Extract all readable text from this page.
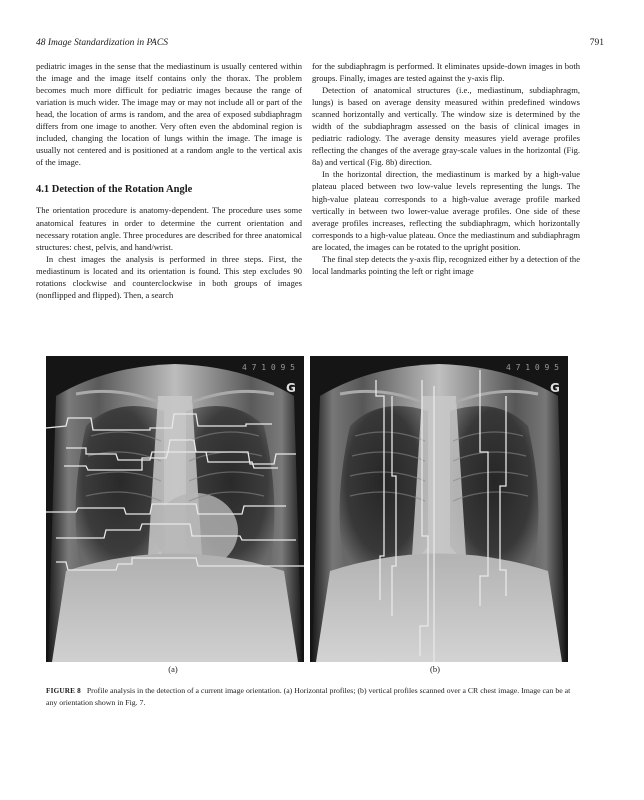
48 Image Standardization in PACS	791

pediatric images in the sense that the mediastinum is usually centered within the image and the image itself contains only the thorax. The problem becomes much more difficult for pediatric images because the range of variation is much wider. The image may or may not include all or part of the head, the location of arms is random, and the area of exposed subdiaphragm differs from one image to another. Very often even the abdominal region is included, changing the location of lungs within the image. The image is usually not centered and is positioned at a random angle to the vertical axis of the image.

4.1 Detection of the Rotation Angle

The orientation procedure is anatomy-dependent. The procedure uses some anatomical features in order to determine the current orientation and necessary rotation angle. Three procedures are described for three anatomical structures: chest, pelvis, and hand/wrist.

In chest images the analysis is performed in three steps. First, the mediastinum is located and its orientation is found. This step excludes 90 rotations clockwise and counterclockwise in both groups of images (nonflipped and flipped). Then, a search

for the subdiaphragm is performed. It eliminates upside-down images in both groups. Finally, images are tested against the y-axis flip.

Detection of anatomical structures (i.e., mediastinum, subdiaphragm, lungs) is based on average density measured within predefined windows scanned horizontally and vertically. The window size is determined by the width of the subdiaphragm assessed on the basis of clinical images in pediatric radiology. The average density measures yield average profiles reflecting the changes of the average gray-scale values in the horizontal (Fig. 8a) and vertical (Fig. 8b) direction.

In the horizontal direction, the mediastinum is marked by a high-value plateau placed between two low-value levels representing the lungs. The high-value plateau corresponds to a high-value average profile marked vertically in between two lower-value average profiles. One side of these average profiles increases, reflecting the subdiaphragm, which horizontally corresponds to a high-value plateau. Once the mediastinum and subdiaphragm are located, the images can be rotated to the upright position.

The final step detects the y-axis flip, recognized either by a detection of the local landmarks pointing the left or right image

G
4 7 1 0 9 5
G
4 7 1 0 9 5
(a)	(b)
FIGURE 8 Profile analysis in the detection of a current image orientation. (a) Horizontal profiles; (b) vertical profiles scanned over a CR chest image. Image can be at any orientation shown in Fig. 7.
